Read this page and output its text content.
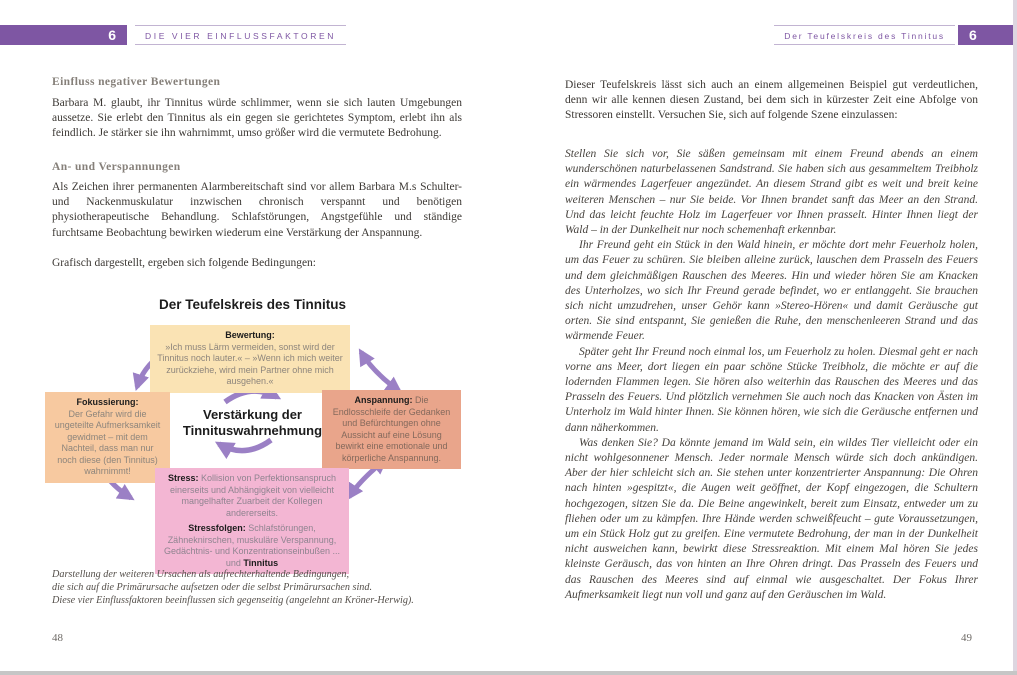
6	DIE VIER EINFLUSSFAKTOREN	Der Teufelskreis des Tinnitus	6
Einfluss negativer Bewertungen
Barbara M. glaubt, ihr Tinnitus würde schlimmer, wenn sie sich lauten Umgebungen aussetze. Sie erlebt den Tinnitus als ein gegen sie gerichtetes Symptom, erlebt ihn als feindlich. Je stärker sie ihn wahrnimmt, umso größer wird die vermutete Bedrohung.
An- und Verspannungen
Als Zeichen ihrer permanenten Alarmbereitschaft sind vor allem Barbara M.s Schulter- und Nackenmuskulatur inzwischen chronisch verspannt und benötigen physiotherapeutische Behandlung. Schlafstörungen, Angstgefühle und ständige furchtsame Beobachtung bewirken wiederum eine Verstärkung der Anspannung.
Grafisch dargestellt, ergeben sich folgende Bedingungen:
Der Teufelskreis des Tinnitus
Bewertung:
»Ich muss Lärm vermeiden, sonst wird der Tinnitus noch lauter.« – »Wenn ich mich weiter zurückziehe, wird mein Partner ohne mich ausgehen.«
Fokussierung:
Der Gefahr wird die ungeteilte Aufmerksamkeit gewidmet – mit dem Nachteil, dass man nur noch diese (den Tinnitus) wahrnimmt!
Verstärkung der Tinnituswahrnehmung
Anspannung: Die Endlosschleife der Gedanken und Befürchtungen ohne Aussicht auf eine Lösung bewirkt eine emotionale und körperliche Anspannung.
Stress: Kollision von Perfektionsanspruch einerseits und Abhängigkeit von vielleicht mangelhafter Zuarbeit der Kollegen andererseits.
Stressfolgen: Schlafstörungen, Zähneknirschen, muskuläre Verspannung, Gedächtnis- und Konzentrationseinbußen ... und Tinnitus
Darstellung der weiteren Ursachen als aufrechterhaltende Bedingungen,
die sich auf die Primärursache aufsetzen oder die selbst Primärursachen sind.
Diese vier Einflussfaktoren beeinflussen sich gegenseitig (angelehnt an Kröner-Herwig).
48
Dieser Teufelskreis lässt sich auch an einem allgemeinen Beispiel gut verdeutlichen, denn wir alle kennen diesen Zustand, bei dem sich in kürzester Zeit eine Abfolge von Stressoren einstellt. Versuchen Sie, sich auf folgende Szene einzulassen:

Stellen Sie sich vor, Sie säßen gemeinsam mit einem Freund abends an einem wunderschönen naturbelassenen Sandstrand. Sie haben sich aus gesammeltem Treibholz ein wärmendes Lagerfeuer angezündet. An diesem Strand gibt es weit und breit keine weiteren Menschen – nur Sie beide. Vor Ihnen brandet sanft das Meer an den Strand. Und das leicht feuchte Holz im Lagerfeuer vor Ihnen prasselt. Hinter Ihnen liegt der Wald – in der Dunkelheit nur noch schemenhaft erkennbar.

Ihr Freund geht ein Stück in den Wald hinein, er möchte dort mehr Feuerholz holen, um das Feuer zu schüren. Sie bleiben alleine zurück, lauschen dem Prasseln des Feuers und dem gleichmäßigen Rauschen des Meeres. Hin und wieder hören Sie am Knacken des Unterholzes, wo sich Ihr Freund gerade befindet, wo er entlanggeht. Sie brauchen sich nicht umzudrehen, unser Gehör kann »Stereo-Hören« und damit Geräusche gut orten. Sie sind entspannt, Sie genießen die Ruhe, den menschenleeren Strand und das wärmende Feuer.

Später geht Ihr Freund noch einmal los, um Feuerholz zu holen. Diesmal geht er nach vorne ans Meer, dort liegen ein paar schöne Stücke Treibholz, die möchte er auf die lodernden Flammen legen. Sie hören also weiterhin das Rauschen des Meeres und das Prasseln des Feuers. Und plötzlich vernehmen Sie auch noch das Knacken von Ästen im Unterholz im Wald hinter Ihnen. Sie können hören, wie sich die Geräusche entfernen und dann näherkommen.

Was denken Sie? Da könnte jemand im Wald sein, ein wildes Tier vielleicht oder ein nicht wohlgesonnener Mensch. Jeder normale Mensch würde sich doch ankündigen. Aber der hier schleicht sich an. Sie stehen unter konzentrierter Anspannung: Die Ohren nach hinten »gespitzt«, die Augen weit geöffnet, der Kopf eingezogen, die Schultern hochgezogen, sitzen Sie da. Die Beine angewinkelt, bereit zum Einsatz, entweder um zu fliehen oder um zu kämpfen. Ihre Hände werden schweißfeucht – gute Voraussetzungen, um ein Stück Holz gut zu greifen. Eine vermutete Bedrohung, der man in der Dunkelheit nicht ausweichen kann, bewirkt diese Stressreaktion. Mit einem Mal hören Sie jedes kleinste Geräusch, das von hinten an Ihre Ohren dringt. Das Prasseln des Feuers und das Rauschen des Meeres sind auf einmal wie ausgeschaltet. Der Fokus Ihrer Aufmerksamkeit liegt nun voll und ganz auf den Geräuschen im Wald.

49
